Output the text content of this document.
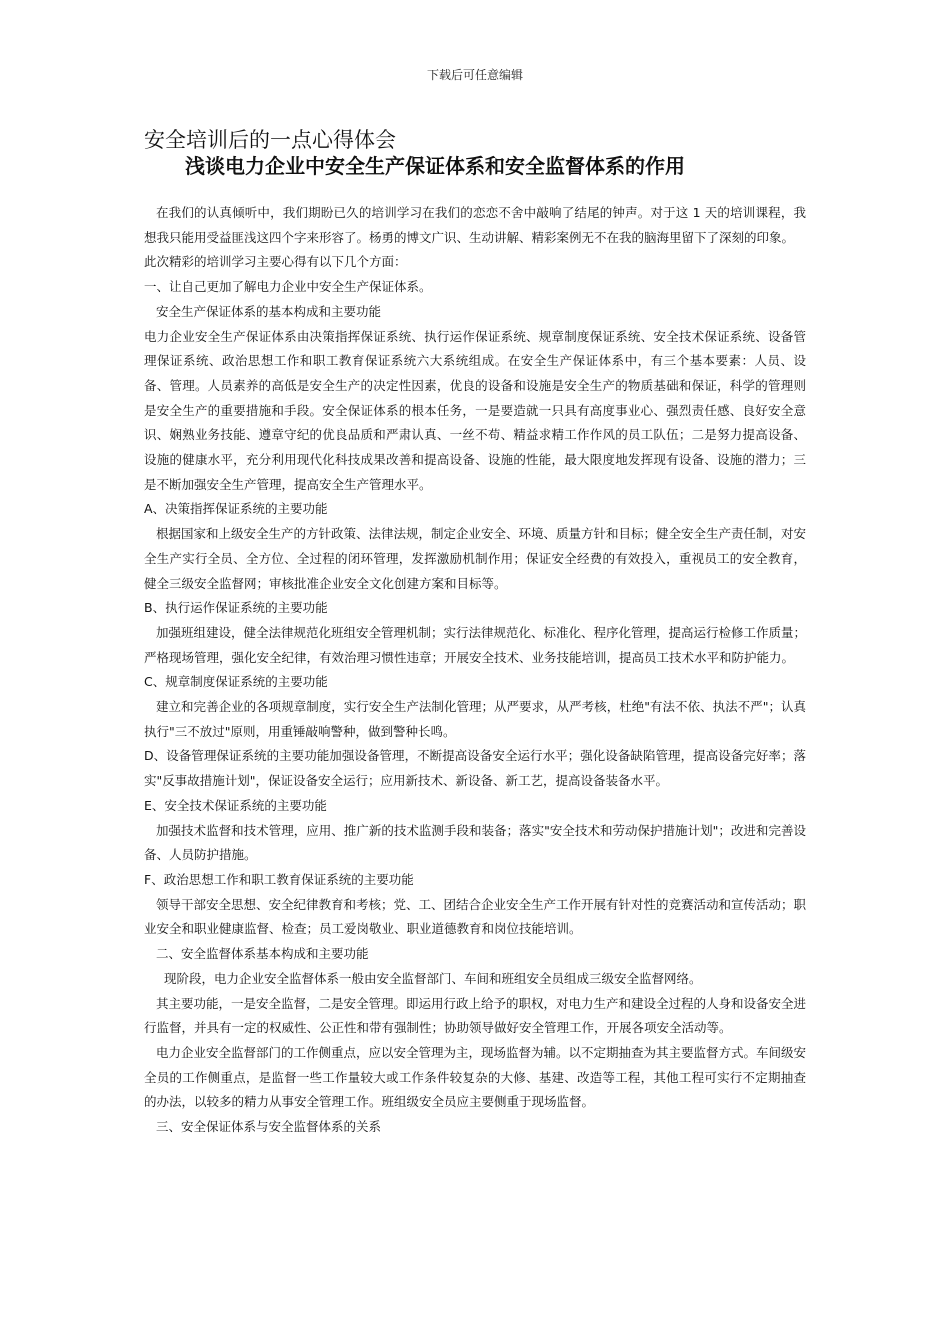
下载后可任意编辑
安全培训后的一点心得体会
浅谈电力企业中安全生产保证体系和安全监督体系的作用

在我们的认真倾听中，我们期盼已久的培训学习在我们的恋恋不舍中敲响了结尾的钟声。对于这 1 天的培训课程，我想我只能用受益匪浅这四个字来形容了。杨勇的博文广识、生动讲解、精彩案例无不在我的脑海里留下了深刻的印象。

此次精彩的培训学习主要心得有以下几个方面：

一、让自己更加了解电力企业中安全生产保证体系。

安全生产保证体系的基本构成和主要功能

电力企业安全生产保证体系由决策指挥保证系统、执行运作保证系统、规章制度保证系统、安全技术保证系统、设备管理保证系统、政治思想工作和职工教育保证系统六大系统组成。在安全生产保证体系中，有三个基本要素：人员、设备、管理。人员素养的高低是安全生产的决定性因素，优良的设备和设施是安全生产的物质基础和保证，科学的管理则是安全生产的重要措施和手段。安全保证体系的根本任务，一是要造就一只具有高度事业心、强烈责任感、良好安全意识、娴熟业务技能、遵章守纪的优良品质和严肃认真、一丝不苟、精益求精工作作风的员工队伍；二是努力提高设备、设施的健康水平，充分利用现代化科技成果改善和提高设备、设施的性能，最大限度地发挥现有设备、设施的潜力；三是不断加强安全生产管理，提高安全生产管理水平。

A、决策指挥保证系统的主要功能

根据国家和上级安全生产的方针政策、法律法规，制定企业安全、环境、质量方针和目标；健全安全生产责任制，对安全生产实行全员、全方位、全过程的闭环管理，发挥激励机制作用；保证安全经费的有效投入，重视员工的安全教育，健全三级安全监督网；审核批准企业安全文化创建方案和目标等。

B、执行运作保证系统的主要功能

加强班组建设，健全法律规范化班组安全管理机制；实行法律规范化、标准化、程序化管理，提高运行检修工作质量；严格现场管理，强化安全纪律，有效治理习惯性违章；开展安全技术、业务技能培训，提高员工技术水平和防护能力。

C、规章制度保证系统的主要功能

建立和完善企业的各项规章制度，实行安全生产法制化管理；从严要求，从严考核，杜绝"有法不依、执法不严"；认真执行"三不放过"原则，用重锤敲响警种，做到警种长鸣。

D、设备管理保证系统的主要功能加强设备管理，不断提高设备安全运行水平；强化设备缺陷管理，提高设备完好率；落实"反事故措施计划"，保证设备安全运行；应用新技术、新设备、新工艺，提高设备装备水平。

E、安全技术保证系统的主要功能

加强技术监督和技术管理，应用、推广新的技术监测手段和装备；落实"安全技术和劳动保护措施计划"；改进和完善设备、人员防护措施。

F、政治思想工作和职工教育保证系统的主要功能

领导干部安全思想、安全纪律教育和考核；党、工、团结合企业安全生产工作开展有针对性的竞赛活动和宣传活动；职业安全和职业健康监督、检查；员工爱岗敬业、职业道德教育和岗位技能培训。

二、安全监督体系基本构成和主要功能

现阶段，电力企业安全监督体系一般由安全监督部门、车间和班组安全员组成三级安全监督网络。

其主要功能，一是安全监督，二是安全管理。即运用行政上给予的职权，对电力生产和建设全过程的人身和设备安全进行监督，并具有一定的权威性、公正性和带有强制性；协助领导做好安全管理工作，开展各项安全活动等。

电力企业安全监督部门的工作侧重点，应以安全管理为主，现场监督为辅。以不定期抽查为其主要监督方式。车间级安全员的工作侧重点，是监督一些工作量较大或工作条件较复杂的大修、基建、改造等工程，其他工程可实行不定期抽查的办法，以较多的精力从事安全管理工作。班组级安全员应主要侧重于现场监督。

三、安全保证体系与安全监督体系的关系
